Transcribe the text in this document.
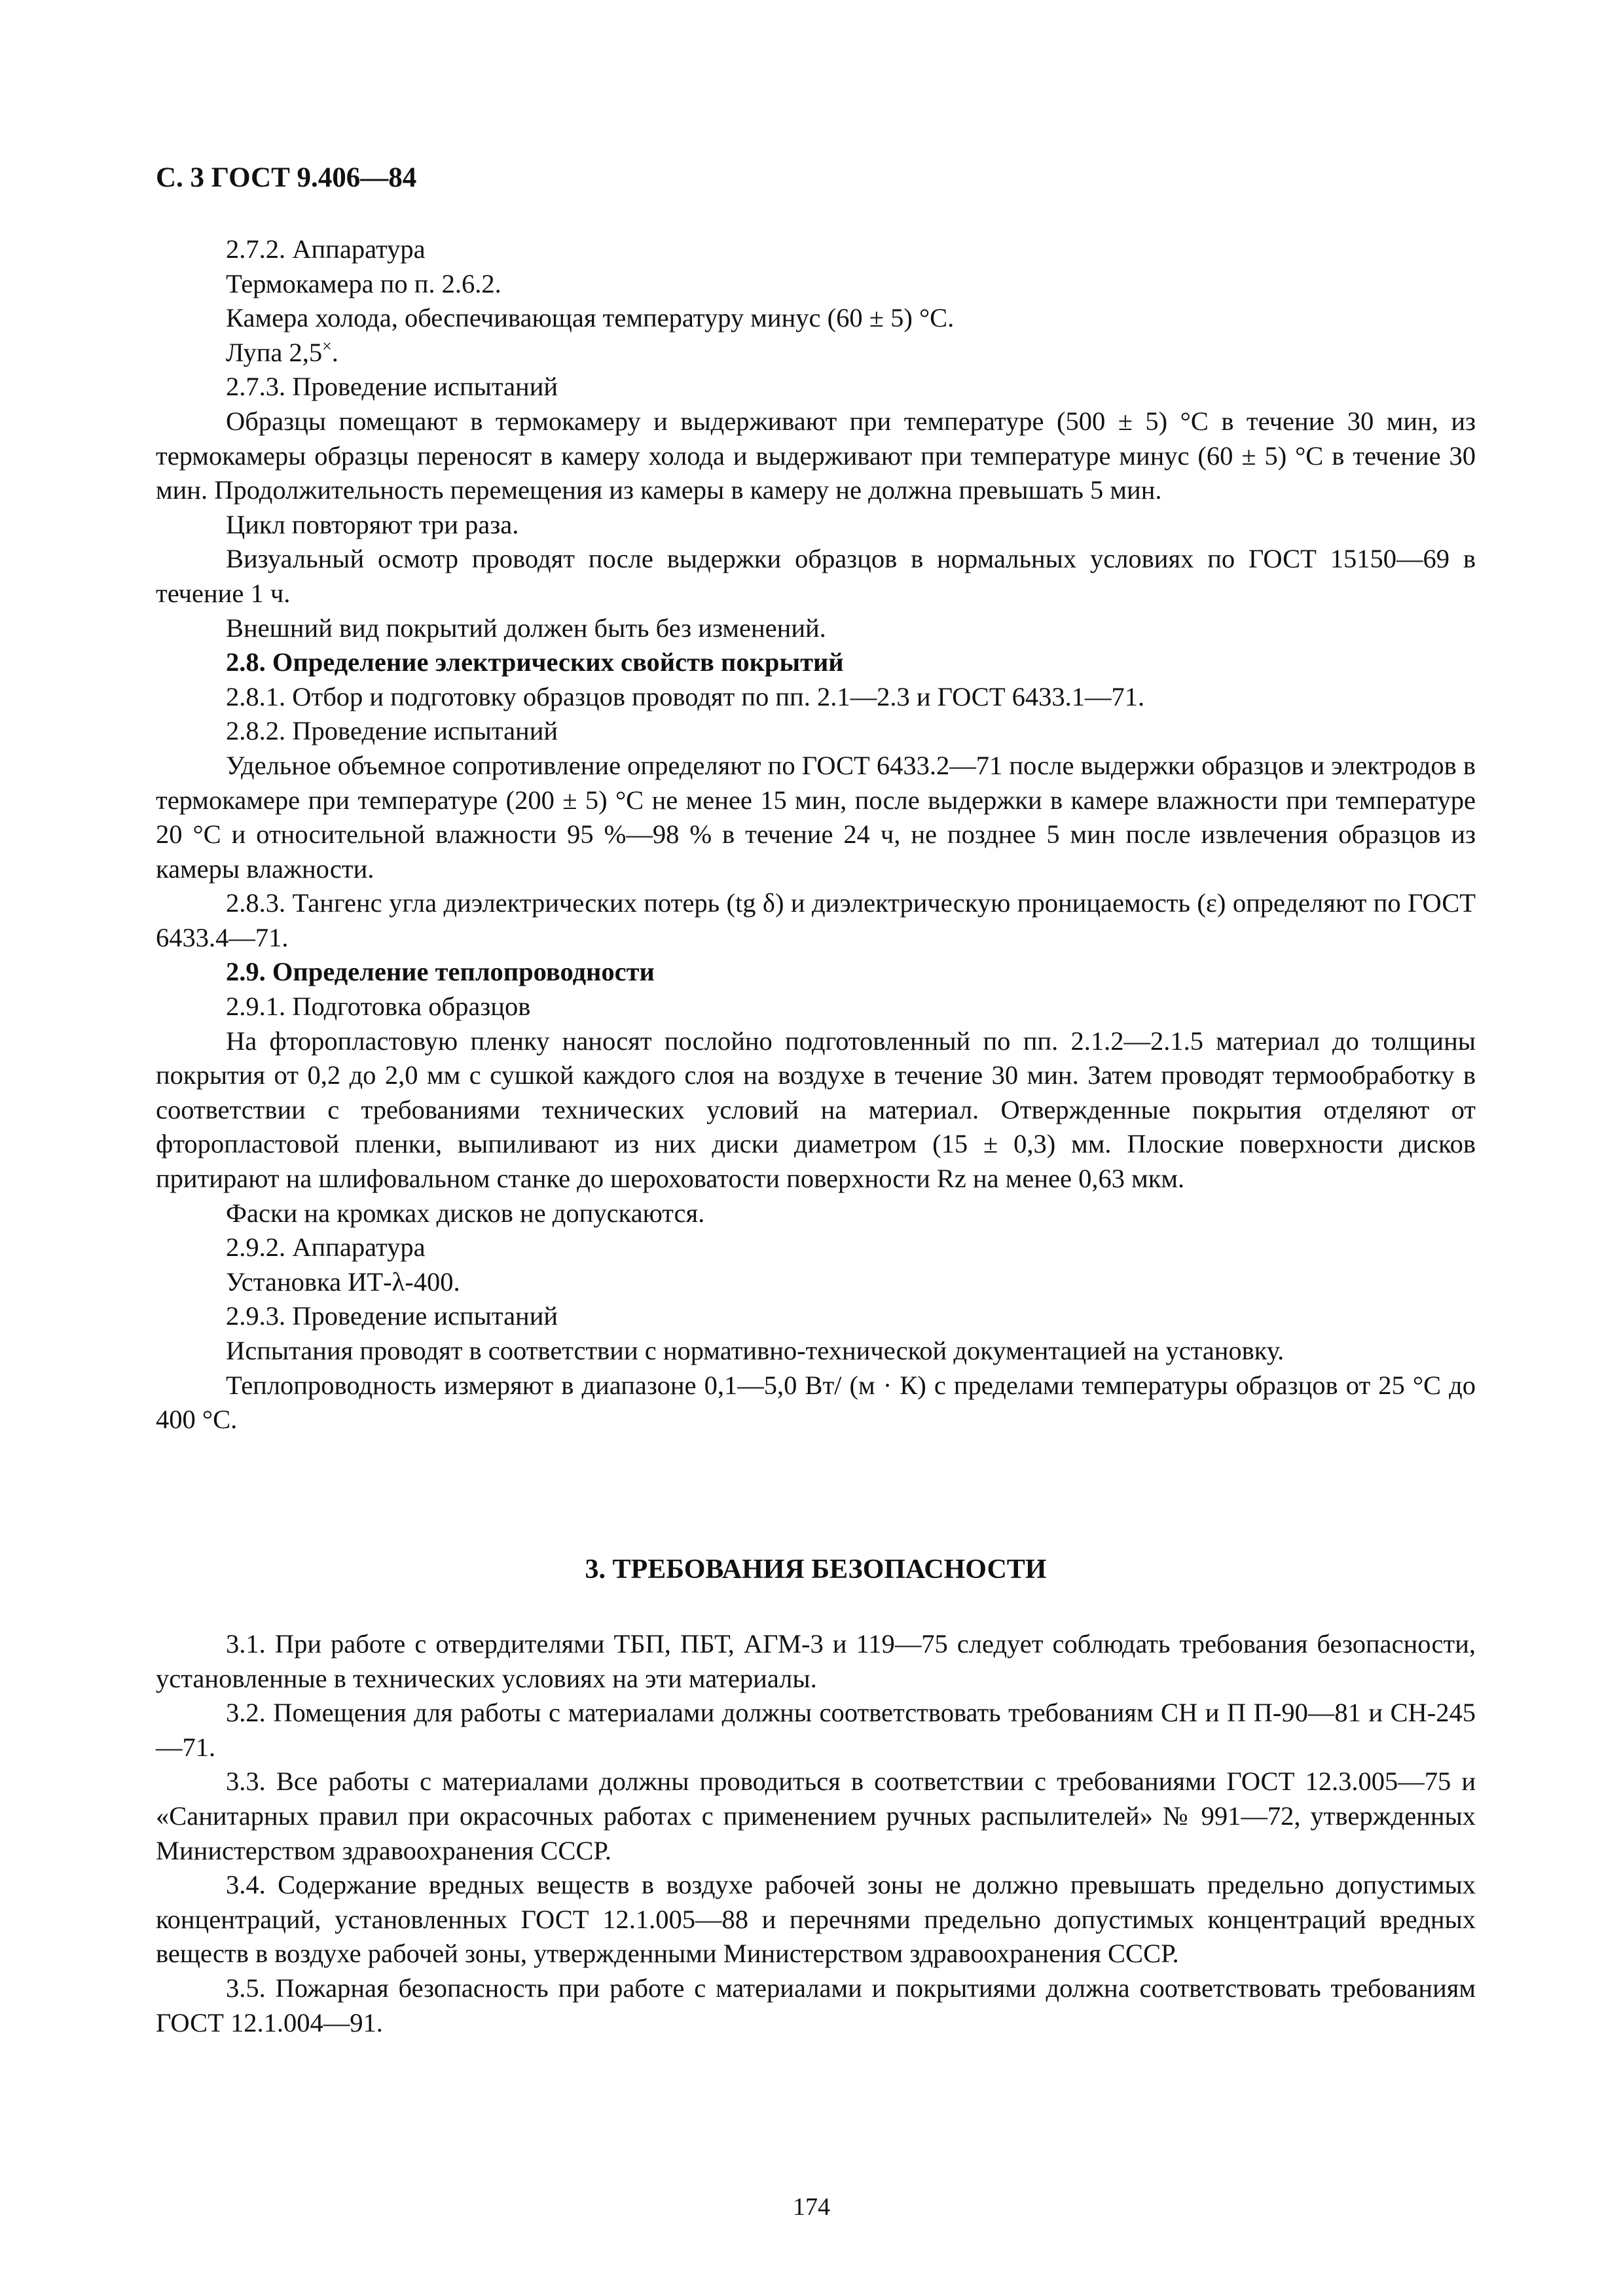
С. 3 ГОСТ 9.406—84

2.7.2. Аппаратура

Термокамера по п. 2.6.2.

Камера холода, обеспечивающая температуру минус (60 ± 5) °С.

Лупа 2,5×.

2.7.3. Проведение испытаний

Образцы помещают в термокамеру и выдерживают при температуре (500 ± 5) °С в течение 30 мин, из термокамеры образцы переносят в камеру холода и выдерживают при температуре минус (60 ± 5) °С в течение 30 мин. Продолжительность перемещения из камеры в камеру не должна превышать 5 мин.

Цикл повторяют три раза.

Визуальный осмотр проводят после выдержки образцов в нормальных условиях по ГОСТ 15150—69 в течение 1 ч.

Внешний вид покрытий должен быть без изменений.

2.8. Определение электрических свойств покрытий

2.8.1. Отбор и подготовку образцов проводят по пп. 2.1—2.3 и ГОСТ 6433.1—71.

2.8.2. Проведение испытаний

Удельное объемное сопротивление определяют по ГОСТ 6433.2—71 после выдержки образцов и электродов в термокамере при температуре (200 ± 5) °С не менее 15 мин, после выдержки в камере влажности при температуре 20 °С и относительной влажности 95 %—98 % в течение 24 ч, не позднее 5 мин после извлечения образцов из камеры влажности.

2.8.3. Тангенс угла диэлектрических потерь (tg δ) и диэлектрическую проницаемость (ε) определяют по ГОСТ 6433.4—71.

2.9. Определение теплопроводности

2.9.1. Подготовка образцов

На фторопластовую пленку наносят послойно подготовленный по пп. 2.1.2—2.1.5 материал до толщины покрытия от 0,2 до 2,0 мм с сушкой каждого слоя на воздухе в течение 30 мин. Затем проводят термообработку в соответствии с требованиями технических условий на материал. Отвержденные покрытия отделяют от фторопластовой пленки, выпиливают из них диски диаметром (15 ± 0,3) мм. Плоские поверхности дисков притирают на шлифовальном станке до шероховатости поверхности Rz на менее 0,63 мкм.

Фаски на кромках дисков не допускаются.

2.9.2. Аппаратура

Установка ИТ-λ-400.

2.9.3. Проведение испытаний

Испытания проводят в соответствии с нормативно-технической документацией на установку.

Теплопроводность измеряют в диапазоне 0,1—5,0 Вт/ (м · К) с пределами температуры образцов от 25 °С до 400 °С.

3. ТРЕБОВАНИЯ БЕЗОПАСНОСТИ

3.1. При работе с отвердителями ТБП, ПБТ, АГМ-3 и 119—75 следует соблюдать требования безопасности, установленные в технических условиях на эти материалы.

3.2. Помещения для работы с материалами должны соответствовать требованиям СН и П П-90—81 и СН-245—71.

3.3. Все работы с материалами должны проводиться в соответствии с требованиями ГОСТ 12.3.005—75 и «Санитарных правил при окрасочных работах с применением ручных распылителей» № 991—72, утвержденных Министерством здравоохранения СССР.

3.4. Содержание вредных веществ в воздухе рабочей зоны не должно превышать предельно допустимых концентраций, установленных ГОСТ 12.1.005—88 и перечнями предельно допустимых концентраций вредных веществ в воздухе рабочей зоны, утвержденными Министерством здравоохранения СССР.

3.5. Пожарная безопасность при работе с материалами и покрытиями должна соответствовать требованиям ГОСТ 12.1.004—91.

174
